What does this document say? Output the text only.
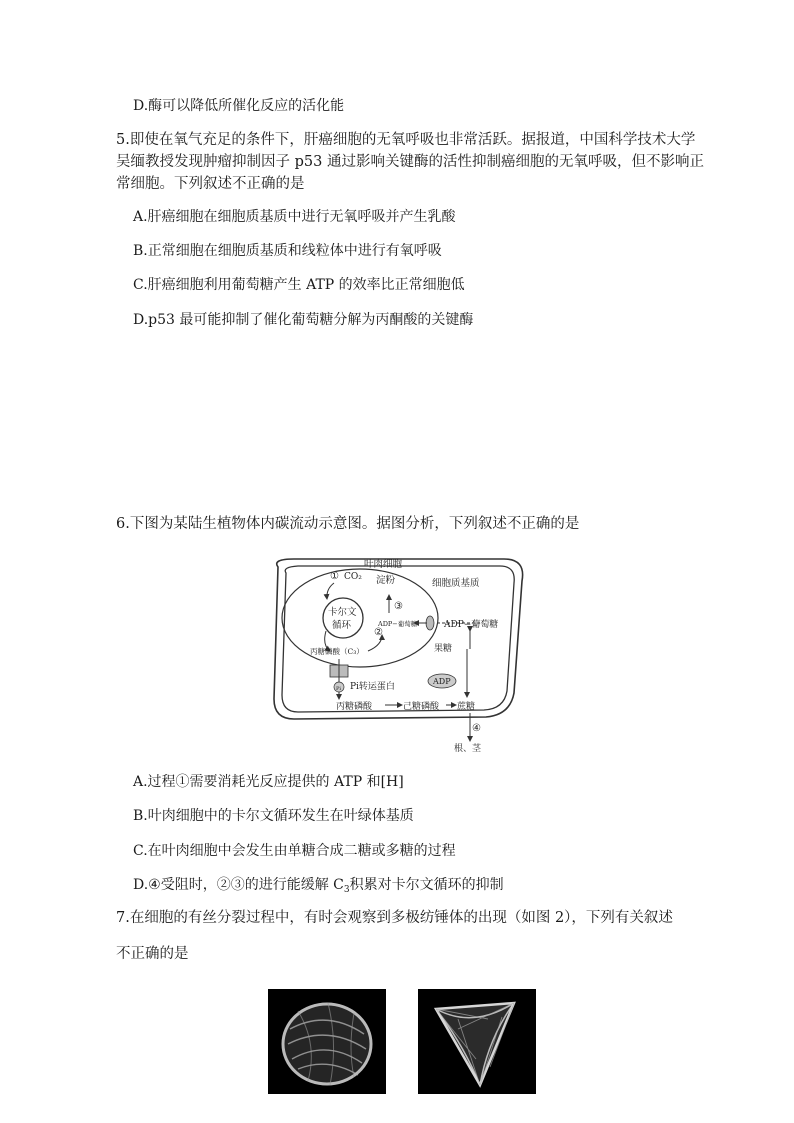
D.酶可以降低所催化反应的活化能
5.即使在氧气充足的条件下，肝癌细胞的无氧呼吸也非常活跃。据报道，中国科学技术大学
吴缅教授发现肿瘤抑制因子 p53 通过影响关键酶的活性抑制癌细胞的无氧呼吸，但不影响正
常细胞。下列叙述不正确的是
A.肝癌细胞在细胞质基质中进行无氧呼吸并产生乳酸
B.正常细胞在细胞质基质和线粒体中进行有氧呼吸
C.肝癌细胞利用葡萄糖产生 ATP 的效率比正常细胞低
D.p53 最可能抑制了催化葡萄糖分解为丙酮酸的关键酶
6.下图为某陆生植物体内碳流动示意图。据图分析，下列叙述不正确的是
叶肉细胞
细胞质基质
① CO₂ 淀粉
③
卡尔文
循环
②
ADP−葡萄糖	ADP−葡萄糖
丙糖磷酸（C₃）	果糖
ADP
Pi Pi转运蛋白
丙糖磷酸	己糖磷酸 蔗糖
④
根、茎
A.过程①需要消耗光反应提供的 ATP 和[H]
B.叶肉细胞中的卡尔文循环发生在叶绿体基质
C.在叶肉细胞中会发生由单糖合成二糖或多糖的过程
D.④受阻时，②③的进行能缓解 $C_3$积累对卡尔文循环的抑制
7.在细胞的有丝分裂过程中，有时会观察到多极纺锤体的出现（如图 2），下列有关叙述
不正确的是
